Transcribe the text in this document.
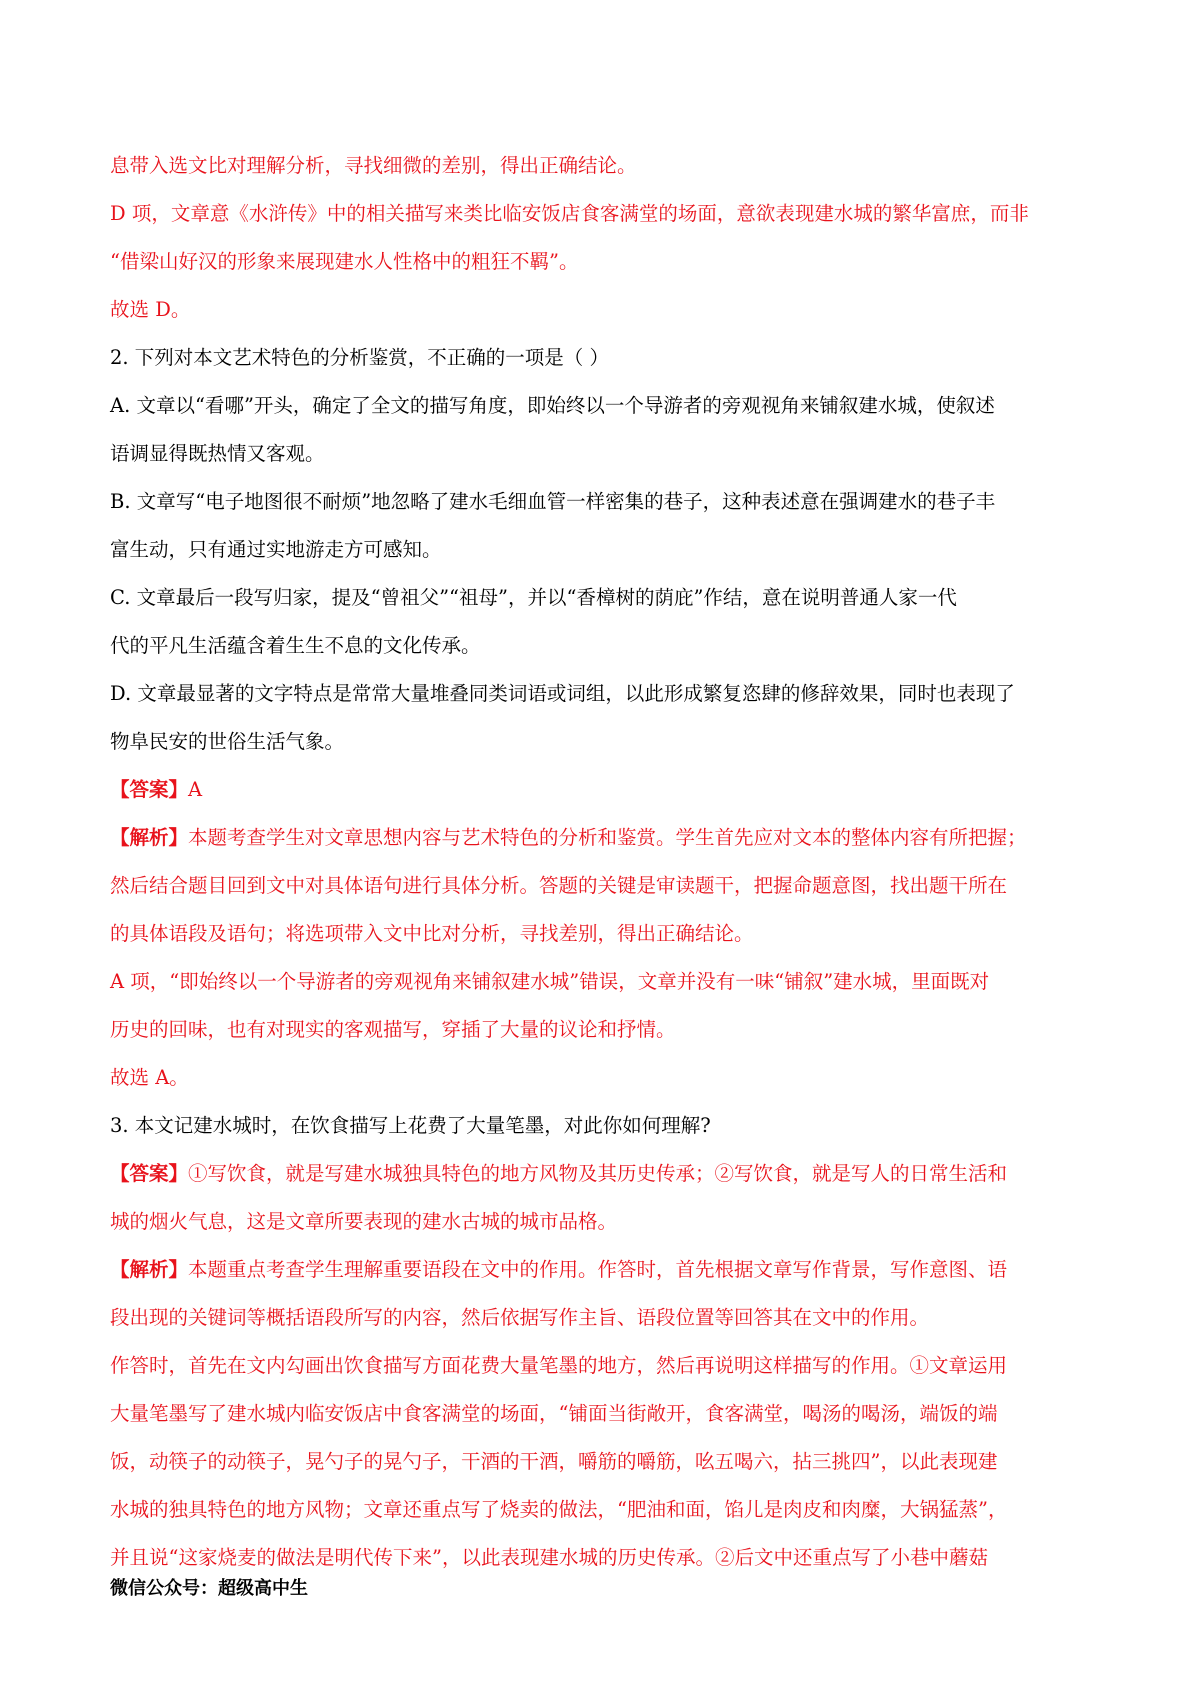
息带入选文比对理解分析，寻找细微的差别，得出正确结论。
D 项，文章意《水浒传》中的相关描写来类比临安饭店食客满堂的场面，意欲表现建水城的繁华富庶，而非
“借梁山好汉的形象来展现建水人性格中的粗狂不羁”。
故选 D。
2. 下列对本文艺术特色的分析鉴赏，不正确的一项是（ ）
A. 文章以“看哪”开头，确定了全文的描写角度，即始终以一个导游者的旁观视角来铺叙建水城，使叙述
语调显得既热情又客观。
B. 文章写“电子地图很不耐烦”地忽略了建水毛细血管一样密集的巷子，这种表述意在强调建水的巷子丰
富生动，只有通过实地游走方可感知。
C. 文章最后一段写归家，提及“曾祖父”“祖母”，并以“香樟树的荫庇”作结，意在说明普通人家一代
代的平凡生活蕴含着生生不息的文化传承。
D. 文章最显著的文字特点是常常大量堆叠同类词语或词组，以此形成繁复恣肆的修辞效果，同时也表现了
物阜民安的世俗生活气象。
【答案】A
【解析】本题考查学生对文章思想内容与艺术特色的分析和鉴赏。学生首先应对文本的整体内容有所把握；
然后结合题目回到文中对具体语句进行具体分析。答题的关键是审读题干，把握命题意图，找出题干所在
的具体语段及语句；将选项带入文中比对分析，寻找差别，得出正确结论。
A 项，“即始终以一个导游者的旁观视角来铺叙建水城”错误，文章并没有一味“铺叙”建水城，里面既对
历史的回味，也有对现实的客观描写，穿插了大量的议论和抒情。
故选 A。
3. 本文记建水城时，在饮食描写上花费了大量笔墨，对此你如何理解?
【答案】①写饮食，就是写建水城独具特色的地方风物及其历史传承；②写饮食，就是写人的日常生活和
城的烟火气息，这是文章所要表现的建水古城的城市品格。
【解析】本题重点考查学生理解重要语段在文中的作用。作答时，首先根据文章写作背景，写作意图、语
段出现的关键词等概括语段所写的内容，然后依据写作主旨、语段位置等回答其在文中的作用。
作答时，首先在文内勾画出饮食描写方面花费大量笔墨的地方，然后再说明这样描写的作用。①文章运用
大量笔墨写了建水城内临安饭店中食客满堂的场面，“铺面当街敞开，食客满堂，喝汤的喝汤，端饭的端
饭，动筷子的动筷子，晃勺子的晃勺子，干酒的干酒，嚼筋的嚼筋，吆五喝六，拈三挑四”，以此表现建
水城的独具特色的地方风物；文章还重点写了烧卖的做法，“肥油和面，馅儿是肉皮和肉糜，大锅猛蒸”，
并且说“这家烧麦的做法是明代传下来”，以此表现建水城的历史传承。②后文中还重点写了小巷中蘑菇
微信公众号：超级高中生
